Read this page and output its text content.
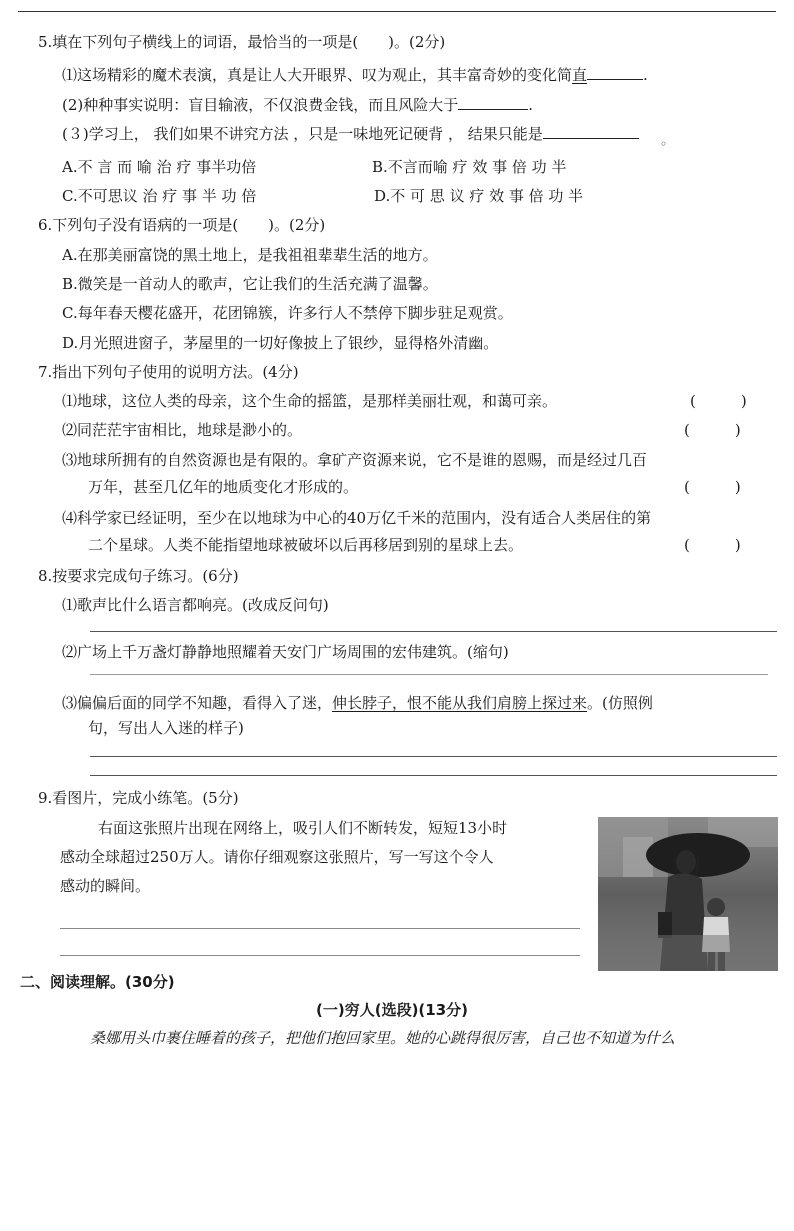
5.填在下列句子横线上的词语，最恰当的一项是(　　)。(2分)
⑴这场精彩的魔术表演，真是让人大开眼界、叹为观止，其丰富奇妙的变化简直	.
(2)种种事实说明：盲目输液，不仅浪费金钱，而且风险大于	.
(３)学习上， 我们如果不讲究方法 ，只是一味地死记硬背 ， 结果只能是
◦
A.不 言 而 喻 治 疗 事半功倍	B.不言而喻 疗 效 事 倍 功 半
C.不可思议 治 疗 事 半 功 倍	D.不 可 思 议 疗 效 事 倍 功 半
6.下列句子没有语病的一项是(　　)。(2分)
A.在那美丽富饶的黑土地上，是我祖祖辈辈生活的地方。
B.微笑是一首动人的歌声，它让我们的生活充满了温馨。
C.每年春天樱花盛开，花团锦簇，许多行人不禁停下脚步驻足观赏。
D.月光照进窗子，茅屋里的一切好像披上了银纱，显得格外清幽。
7.指出下列句子使用的说明方法。(4分)
⑴地球，这位人类的母亲，这个生命的摇篮，是那样美丽壮观，和蔼可亲。	(　　　)
⑵同茫茫宇宙相比，地球是渺小的。	(　　　)
⑶地球所拥有的自然资源也是有限的。拿矿产资源来说，它不是谁的恩赐，而是经过几百
万年，甚至几亿年的地质变化才形成的。	(　　　)
⑷科学家已经证明，至少在以地球为中心的40万亿千米的范围内，没有适合人类居住的第
二个星球。人类不能指望地球被破坏以后再移居到别的星球上去。	(　　　)
8.按要求完成句子练习。(6分)
⑴歌声比什么语言都响亮。(改成反问句)
⑵广场上千万盏灯静静地照耀着天安门广场周围的宏伟建筑。(缩句)
⑶偏偏后面的同学不知趣，看得入了迷，伸长脖子，恨不能从我们肩膀上探过来。(仿照例
句，写出人入迷的样子)
9.看图片，完成小练笔。(5分)
右面这张照片出现在网络上，吸引人们不断转发，短短13小时
感动全球超过250万人。请你仔细观察这张照片，写一写这个令人
感动的瞬间。
二、阅读理解。(30分)
(一)穷人(选段)(13分)
桑娜用头巾裹住睡着的孩子，把他们抱回家里。她的心跳得很厉害，自己也不知道为什么
